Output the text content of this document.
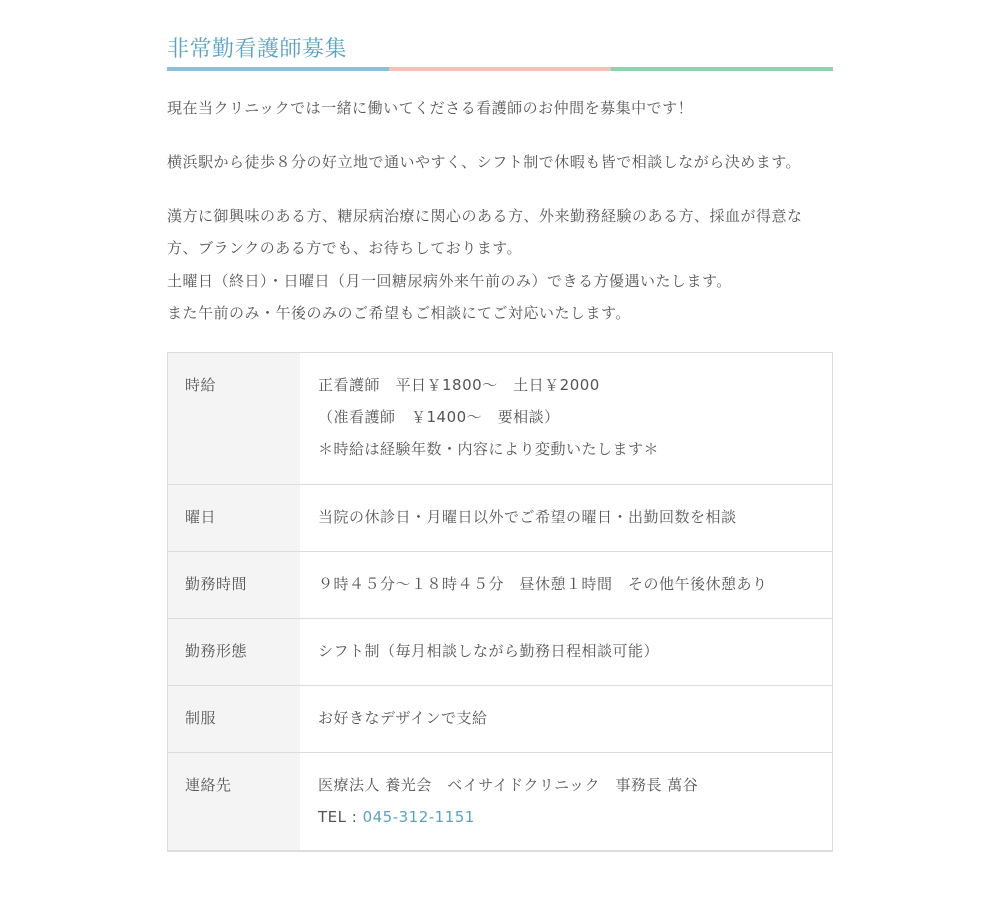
非常勤看護師募集

現在当クリニックでは一緒に働いてくださる看護師のお仲間を募集中です！

横浜駅から徒歩８分の好立地で通いやすく、シフト制で休暇も皆で相談しながら決めます。

漢方に御興味のある方、糖尿病治療に関心のある方、外来勤務経験のある方、採血が得意な
方、ブランクのある方でも、お待ちしております。

土曜日（終日）・日曜日（月一回糖尿病外来午前のみ）できる方優遇いたします。
また午前のみ・午後のみのご希望もご相談にてご対応いたします。

時給	正看護師　平日￥1800～　土日￥2000
（准看護師　￥1400～　要相談）
＊時給は経験年数・内容により変動いたします＊
曜日	当院の休診日・月曜日以外でご希望の曜日・出勤回数を相談
勤務時間	９時４５分～１８時４５分　昼休憩１時間　その他午後休憩あり
勤務形態	シフト制（毎月相談しながら勤務日程相談可能）
制服	お好きなデザインで支給
連絡先	医療法人 養光会　ベイサイドクリニック　事務長 萬谷
TEL : 045-312-1151
